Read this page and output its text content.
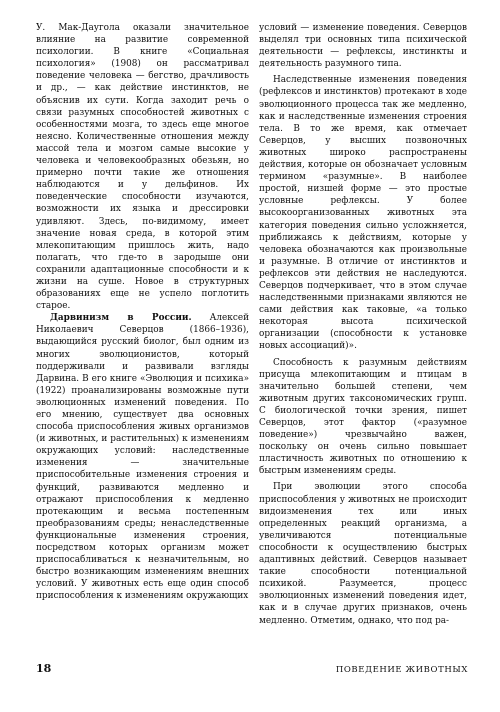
У. Мак-Даугола оказали значительное влияние на развитие современной психологии. В книге «Социальная психология» (1908) он рассматривал поведение человека — бегство, драчливость и др., — как действие инстинктов, не объяснив их сути. Когда заходит речь о связи разумных способностей животных с особенностями мозга, то здесь еще многое неясно. Количественные отношения между массой тела и мозгом самые высокие у человека и человекообразных обезьян, но примерно почти такие же отношения наблюдаются и у дельфинов. Их поведенческие способности изучаются, возможности их языка и дрессировки удивляют. Здесь, по-видимому, имеет значение новая среда, в которой этим млекопитающим пришлось жить, надо полагать, что где-то в зародыше они сохранили адаптационные способности и к жизни на суше. Новое в структурных образованиях еще не успело поглотить старое.

Дарвинизм в России. Алексей Николаевич Северцов (1866–1936), выдающийся русский биолог, был одним из многих эволюционистов, который поддерживали и развивали взгляды Дарвина. В его книге «Эволюция и психика» (1922) проанализированы возможные пути эволюционных изменений поведения. По его мнению, существует два основных способа приспособления живых организмов (и животных, и растительных) к изменениям окружающих условий: наследственные изменения — значительные приспособительные изменения строения и функций, развиваются медленно и отражают приспособления к медленно протекающим и весьма постепенным преобразованиям среды; ненаследственные функциональные изменения строения, посредством которых организм может приспосабливаться к незначительным, но быстро возникающим изменениям внешних условий. У животных есть еще один способ приспособления к изменениям окружающих

условий — изменение поведения. Северцов выделял три основных типа психической деятельности — рефлексы, инстинкты и деятельность разумного типа.

Наследственные изменения поведения (рефлексов и инстинктов) протекают в ходе эволюционного процесса так же медленно, как и наследственные изменения строения тела. В то же время, как отмечает Северцов, у высших позвоночных животных широко распространены действия, которые он обозначает условным термином «разумные». В наиболее простой, низшей форме — это простые условные рефлексы. У более высокоорганизованных животных эта категория поведения сильно усложняется, приближаясь к действиям, которые у человека обозначаются как произвольные и разумные. В отличие от инстинктов и рефлексов эти действия не наследуются. Северцов подчеркивает, что в этом случае наследственными признаками являются не сами действия как таковые, «а только некоторая высота психической организации (способности к установке новых ассоциаций)».

Способность к разумным действиям присуща млекопитающим и птицам в значительно большей степени, чем животным других таксономических групп. С биологической точки зрения, пишет Северцов, этот фактор («разумное поведение») чрезвычайно важен, поскольку он очень сильно повышает пластичность животных по отношению к быстрым изменениям среды.

При эволюции этого способа приспособления у животных не происходит видоизменения тех или иных определенных реакций организма, а увеличиваются потенциальные способности к осуществлению быстрых адаптивных действий. Северцов называет такие способности потенциальной психикой. Разумеется, процесс эволюционных изменений поведения идет, как и в случае других признаков, очень медленно. Отметим, однако, что под ра-

18	ПОВЕДЕНИЕ ЖИВОТНЫХ
